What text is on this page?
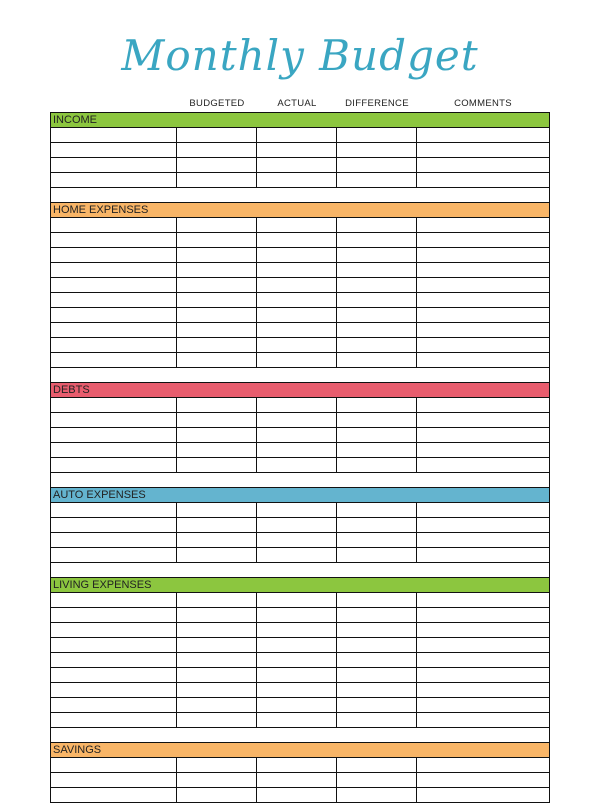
Monthly Budget
BUDGETED	ACTUAL	DIFFERENCE	COMMENTS
INCOME
HOME EXPENSES
DEBTS
AUTO EXPENSES
LIVING EXPENSES
SAVINGS
